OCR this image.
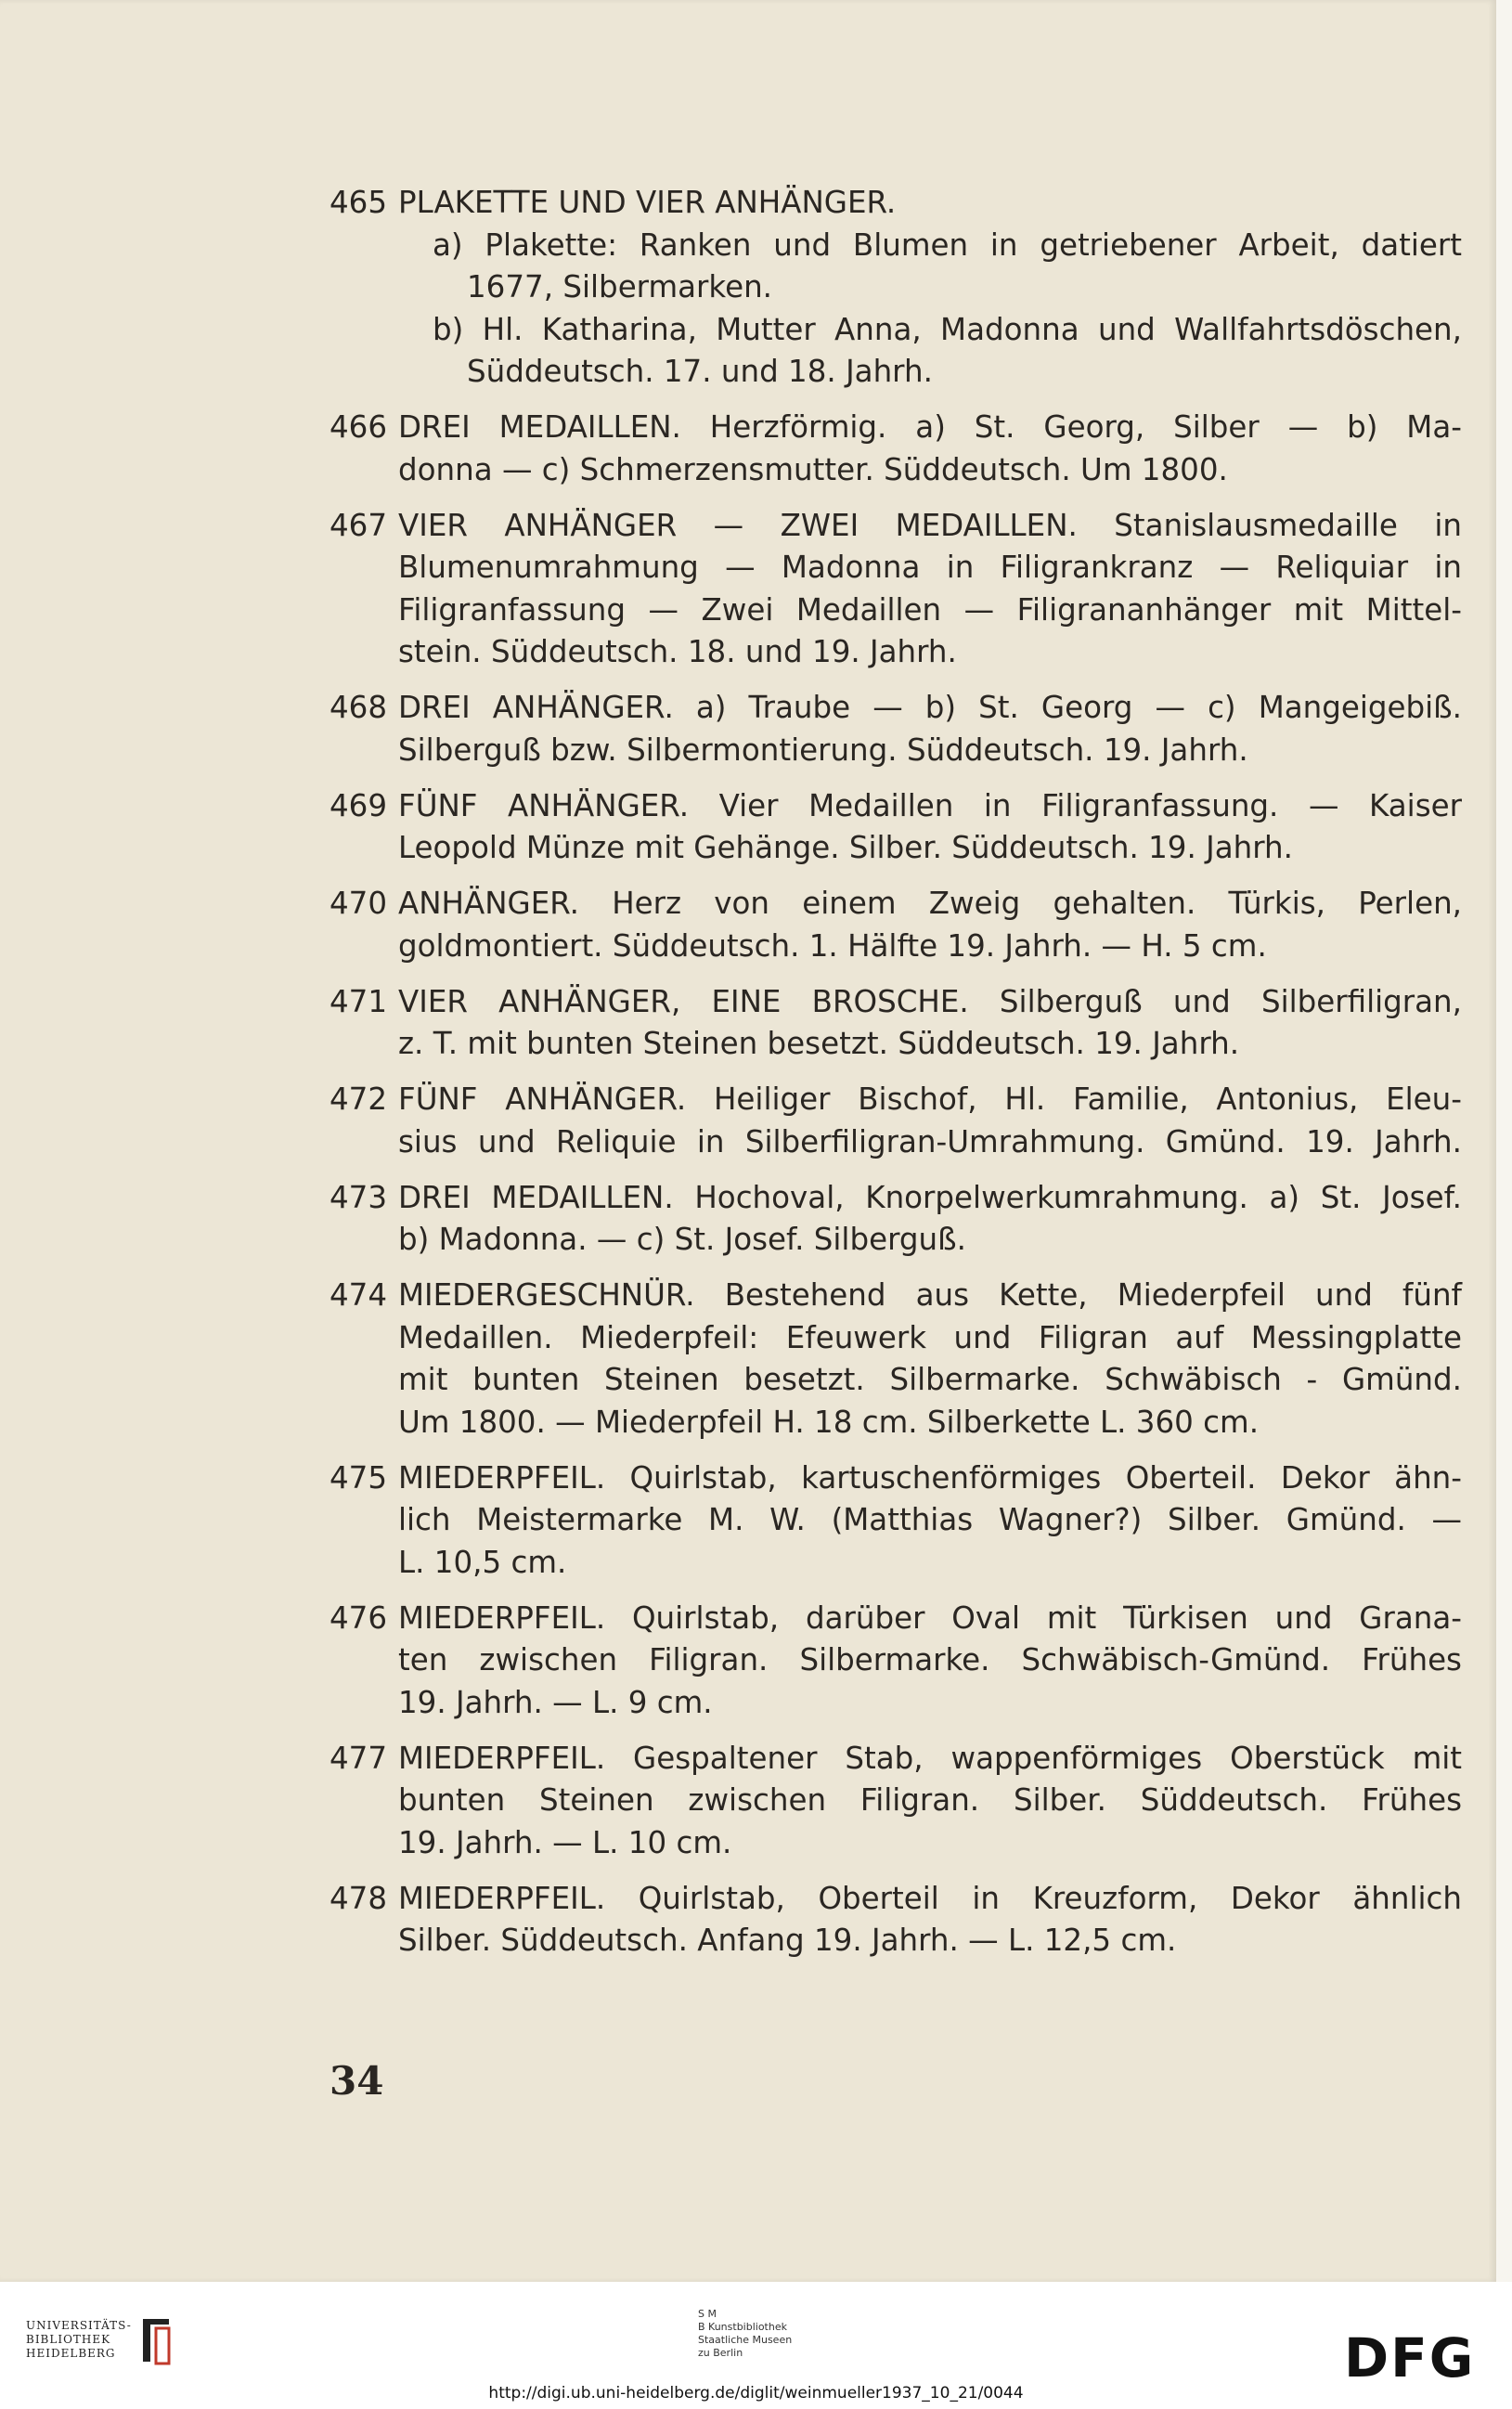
465 PLAKETTE UND VIER ANHÄNGER.
a) Plakette: Ranken und Blumen in getriebener Arbeit, datiert
1677, Silbermarken.
b) Hl. Katharina, Mutter Anna, Madonna und Wallfahrtsdöschen,
Süddeutsch. 17. und 18. Jahrh.
466 DREI MEDAILLEN. Herzförmig. a) St. Georg, Silber — b) Ma-
donna — c) Schmerzensmutter. Süddeutsch. Um 1800.
467 VIER ANHÄNGER — ZWEI MEDAILLEN. Stanislausmedaille in
Blumenumrahmung — Madonna in Filigrankranz — Reliquiar in
Filigranfassung — Zwei Medaillen — Filigrananhänger mit Mittel-
stein. Süddeutsch. 18. und 19. Jahrh.
468 DREI ANHÄNGER. a) Traube — b) St. Georg — c) Mangeigebiß.
Silberguß bzw. Silbermontierung. Süddeutsch. 19. Jahrh.
469 FÜNF ANHÄNGER. Vier Medaillen in Filigranfassung. — Kaiser
Leopold Münze mit Gehänge. Silber. Süddeutsch. 19. Jahrh.
470 ANHÄNGER. Herz von einem Zweig gehalten. Türkis, Perlen,
goldmontiert. Süddeutsch. 1. Hälfte 19. Jahrh. — H. 5 cm.
471 VIER ANHÄNGER, EINE BROSCHE. Silberguß und Silberfiligran,
z. T. mit bunten Steinen besetzt. Süddeutsch. 19. Jahrh.
472 FÜNF ANHÄNGER. Heiliger Bischof, Hl. Familie, Antonius, Eleu-
sius und Reliquie in Silberfiligran-Umrahmung. Gmünd. 19. Jahrh.
473 DREI MEDAILLEN. Hochoval, Knorpelwerkumrahmung. a) St. Josef.
b) Madonna. — c) St. Josef. Silberguß.
474 MIEDERGESCHNÜR. Bestehend aus Kette, Miederpfeil und fünf
Medaillen. Miederpfeil: Efeuwerk und Filigran auf Messingplatte
mit bunten Steinen besetzt. Silbermarke. Schwäbisch - Gmünd.
Um 1800. — Miederpfeil H. 18 cm. Silberkette L. 360 cm.
475 MIEDERPFEIL. Quirlstab, kartuschenförmiges Oberteil. Dekor ähn-
lich Meistermarke M. W. (Matthias Wagner?) Silber. Gmünd. —
L. 10,5 cm.
476 MIEDERPFEIL. Quirlstab, darüber Oval mit Türkisen und Grana-
ten zwischen Filigran. Silbermarke. Schwäbisch-Gmünd. Frühes
19. Jahrh. — L. 9 cm.
477 MIEDERPFEIL. Gespaltener Stab, wappenförmiges Oberstück mit
bunten Steinen zwischen Filigran. Silber. Süddeutsch. Frühes
19. Jahrh. — L. 10 cm.
478 MIEDERPFEIL. Quirlstab, Oberteil in Kreuzform, Dekor ähnlich
Silber. Süddeutsch. Anfang 19. Jahrh. — L. 12,5 cm.
34
UNIVERSITÄTS-
BIBLIOTHEK
HEIDELBERG
S M
B Kunstbibliothek
Staatliche Museen
zu Berlin	DFG
http://digi.ub.uni-heidelberg.de/diglit/weinmueller1937_10_21/0044
